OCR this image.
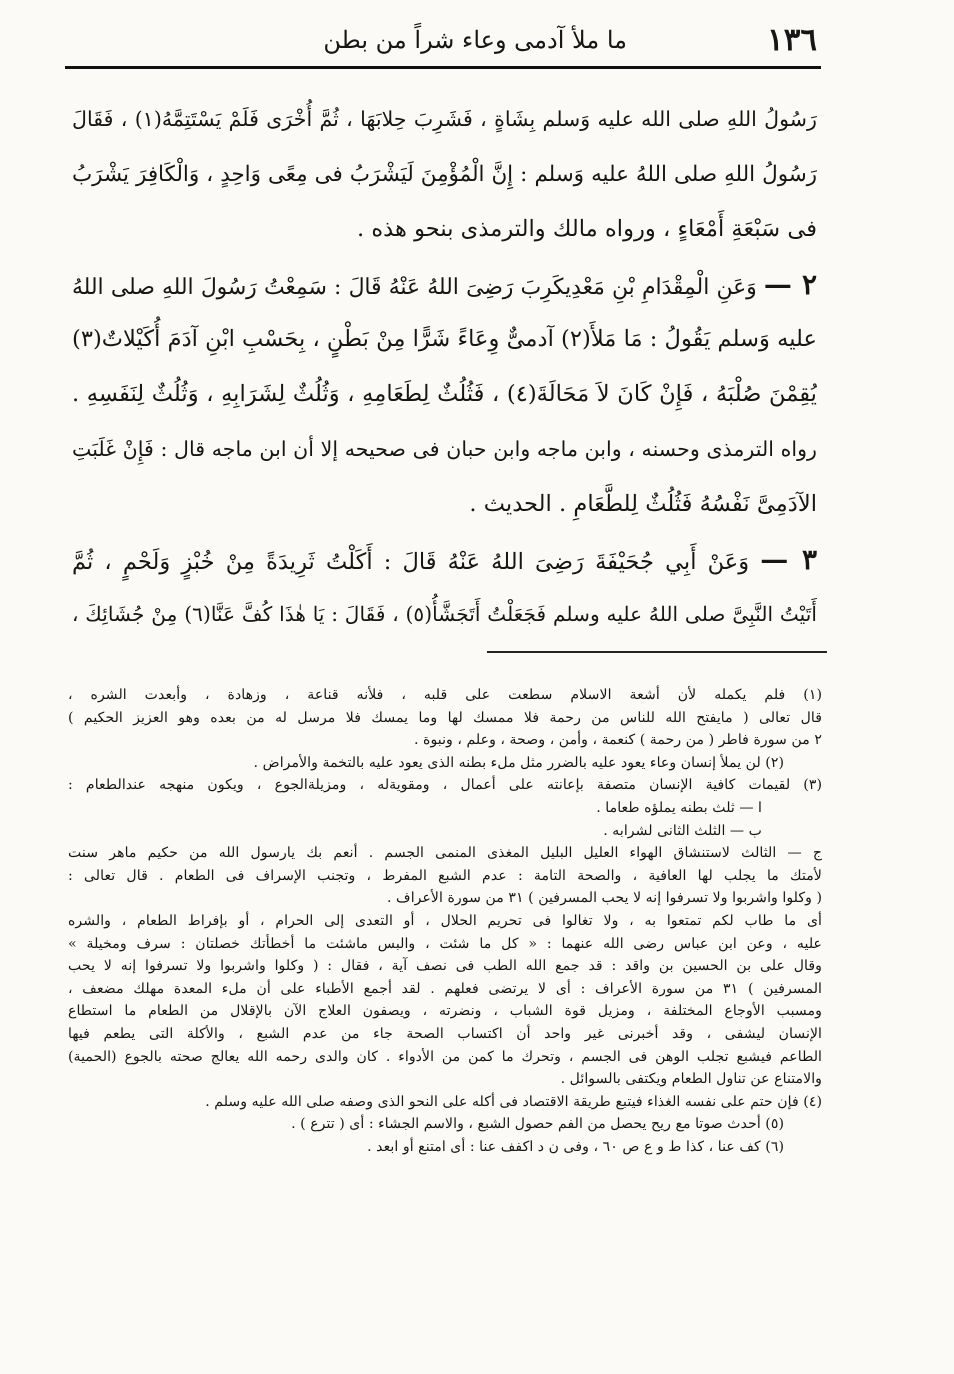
١٣٦
ما ملأ آدمى وعاء شراً من بطن
رَسُولُ اللهِ صلى الله عليه وَسلم بِشَاةٍ ، فَشَرِبَ حِلابَهَا ، ثُمَّ أُخْرَى فَلَمْ يَسْتَتِمَّهُ(١) ، فَقَالَ
رَسُولُ اللهِ صلى اللهُ عليه وَسلم : إِنَّ الْمُؤْمِنَ لَيَشْرَبُ فى مِعًى وَاحِدٍ ، وَالْكَافِرَ يَشْرَبُ
فى سَبْعَةِ أَمْعَاءٍ ، ورواه مالك والترمذى بنحو هذه .
٢ — وَعَنِ الْمِقْدَامِ بْنِ مَعْدِيكَرِبَ رَضِىَ اللهُ عَنْهُ قَالَ : سَمِعْتُ رَسُولَ اللهِ صلى اللهُ
عليه وَسلم يَقُولُ : مَا مَلأَ(٢) آدمىٌّ وِعَاءً شَرًّا مِنْ بَطْنٍ ، بِحَسْبِ ابْنِ آدَمَ أُكَيْلاتٌ(٣)
يُقِمْنَ صُلْبَهُ ، فَإِنْ كَانَ لاَ مَحَالَةَ(٤) ، فَثُلُثٌ لِطَعَامِهِ ، وَثُلُثٌ لِشَرَابِهِ ، وَثُلُثٌ لِنَفَسِهِ .
رواه الترمذى وحسنه ، وابن ماجه وابن حبان فى صحيحه إلا أن ابن ماجه قال : فَإِنْ غَلَبَتِ
الآدَمِىَّ نَفْسُهُ فَثُلُثٌ لِلطَّعَامِ . الحديث .
٣ — وَعَنْ أَبِي جُحَيْفَةَ رَضِىَ اللهُ عَنْهُ قَالَ : أَكَلْتُ ثَرِيدَةً مِنْ خُبْزٍ وَلَحْمٍ ، ثُمَّ
أَتَيْتُ النَّبِىَّ صلى اللهُ عليه وسلم فَجَعَلْتُ أَتَجَشَّأُ(٥) ، فَقَالَ : يَا هٰذَا كُفَّ عَنَّا(٦) مِنْ جُشَائِكَ ،
(١) فلم يكمله لأن أشعة الاسلام سطعت على قلبه ، فلأنه قناعة ، وزهادة ، وأبعدت الشره ،
قال تعالى ( مايفتح الله للناس من رحمة فلا ممسك لها وما يمسك فلا مرسل له من بعده وهو العزيز الحكيم )
٢ من سورة فاطر ( من رحمة ) كنعمة ، وأمن ، وصحة ، وعلم ، ونبوة .
(٢) لن يملأ إنسان وعاء يعود عليه بالضرر مثل ملء بطنه الذى يعود عليه بالتخمة والأمراض .
(٣) لقيمات كافية الإنسان متصفة بإعانته على أعمال ، ومقويةله ، ومزيلةالجوع ، ويكون منهجه عندالطعام :
ا — ثلث بطنه يملؤه طعاما .
ب — الثلث الثانى لشرابه .
ج — الثالث لاستنشاق الهواء العليل البليل المغذى المنمى الجسم . أنعم بك يارسول الله من حكيم ماهر سنت
لأمتك ما يجلب لها العافية ، والصحة التامة : عدم الشبع المفرط ، وتجنب الإسراف فى الطعام . قال تعالى :
( وكلوا واشربوا ولا تسرفوا إنه لا يحب المسرفين ) ٣١ من سورة الأعراف .
أى ما طاب لكم تمتعوا به ، ولا تغالوا فى تحريم الحلال ، أو التعدى إلى الحرام ، أو بإفراط الطعام ، والشره
عليه ، وعن ابن عباس رضى الله عنهما : « كل ما شئت ، والبس ماشئت ما أخطأتك خصلتان : سرف ومخيلة »
وقال على بن الحسين بن واقد : قد جمع الله الطب فى نصف آية ، فقال : ( وكلوا واشربوا ولا تسرفوا إنه لا يحب
المسرفين ) ٣١ من سورة الأعراف : أى لا يرتضى فعلهم . لقد أجمع الأطباء على أن ملء المعدة مهلك مضعف ،
ومسبب الأوجاع المختلفة ، ومزيل قوة الشباب ، ونضرته ، ويصفون العلاج الآن بالإقلال من الطعام ما استطاع
الإنسان ليشفى ، وقد أخبرنى غير واحد أن اكتساب الصحة جاء من عدم الشبع ، والأكلة التى يطعم فيها
الطاعم فيشبع تجلب الوهن فى الجسم ، وتحرك ما كمن من الأدواء . كان والدى رحمه الله يعالج صحته بالجوع (الحمية)
والامتناع عن تناول الطعام ويكتفى بالسوائل .
(٤) فإن حتم على نفسه الغذاء فيتبع طريقة الاقتصاد فى أكله على النحو الذى وصفه صلى الله عليه وسلم .
(٥) أحدث صوتا مع ريح يحصل من الفم حصول الشبع ، والاسم الجشاء : أى ( تترع ) .
(٦) كف عنا ، كذا ط و ع ص ٦٠ ، وفى ن د اكفف عنا : أى امتنع أو ابعد .
